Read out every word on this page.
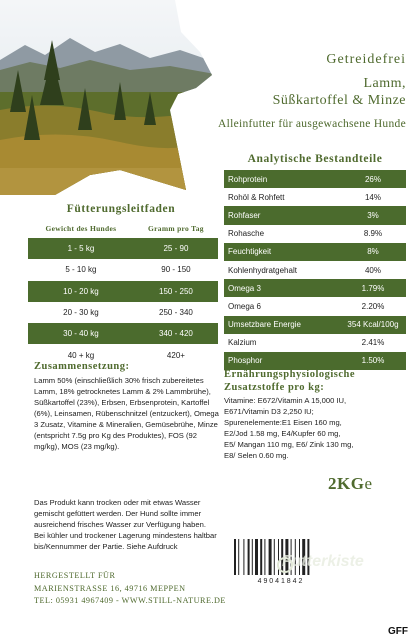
Getreidefrei
Lamm,
Süßkartoffel & Minze
Alleinfutter für ausgewachsene Hunde
Analytische Bestandteile
Rohprotein	26%
Rohöl & Rohfett	14%
Rohfaser	3%
Rohasche	8.9%
Feuchtigkeit	8%
Kohlenhydratgehalt	40%
Omega 3	1.79%
Omega 6	2.20%
Umsetzbare Energie	354 Kcal/100g
Kalzium	2.41%
Phosphor	1.50%
Fütterungsleitfaden
Gewicht des Hundes	Gramm pro Tag
1 - 5 kg	25 - 90
5 - 10 kg	90 - 150
10 - 20 kg	150 - 250
20 - 30 kg	250 - 340
30 - 40 kg	340 - 420
40 + kg	420+
Zusammensetzung:
Lamm 50% (einschließlich 30% frisch zubereitetes Lamm, 18% getrocknetes Lamm & 2% Lammbrühe), Süßkartoffel (23%), Erbsen, Erbsenprotein, Kartoffel (6%), Leinsamen, Rübenschnitzel (entzuckert), Omega 3 Zusatz, Vitamine & Mineralien, Gemüsebrühe, Minze (entspricht 7.5g pro Kg des Produktes), FOS (92 mg/kg), MOS (23 mg/kg).
Ernährungsphysiologische
Zusatzstoffe pro kg:
Vitamine: E672/Vitamin A 15,000 IU,
E671/Vitamin D3 2,250 IU;
Spurenelemente:E1 Eisen 160 mg,
E2/Jod 1.58 mg, E4/Kupfer 60 mg,
E5/ Mangan 110 mg, E6/ Zink 130 mg,
E8/ Selen 0.60 mg.
2KGe
Das Produkt kann trocken oder mit etwas Wasser gemischt gefüttert werden. Der Hund sollte immer ausreichend frisches Wasser zur Verfügung haben. Bei kühler und trockener Lagerung mindestens haltbar bis/Kennummer der Partie. Siehe Aufdruck
HERGESTELLT FÜR
MARIENSTRASSE 16, 49716 MEPPEN
TEL: 05931 4967409 - WWW.STILL-NATURE.DE
4 9 0 4 1 8 4 2
Futterkiste
GFF
